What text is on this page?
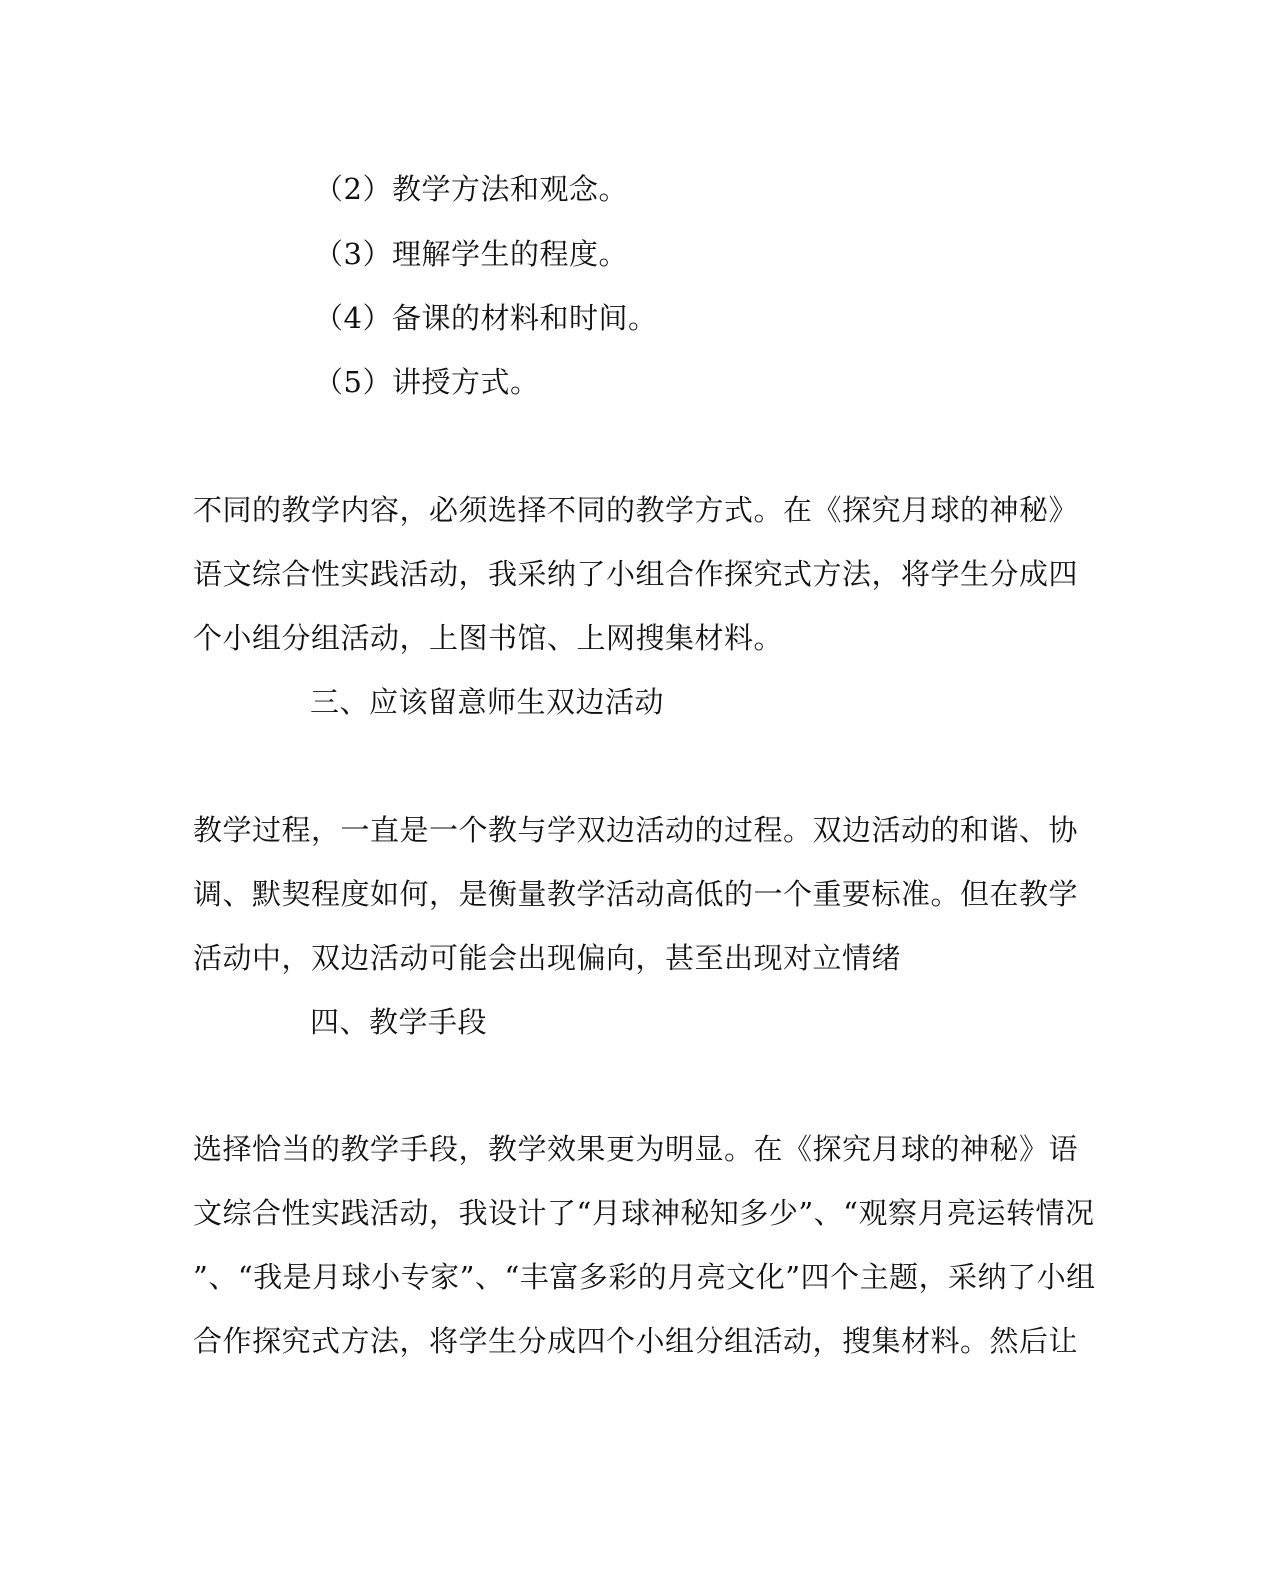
（2）教学方法和观念。
（3）理解学生的程度。
（4）备课的材料和时间。
（5）讲授方式。
不同的教学内容，必须选择不同的教学方式。在《探究月球的神秘》
语文综合性实践活动，我采纳了小组合作探究式方法，将学生分成四
个小组分组活动，上图书馆、上网搜集材料。
三、应该留意师生双边活动
教学过程，一直是一个教与学双边活动的过程。双边活动的和谐、协
调、默契程度如何，是衡量教学活动高低的一个重要标准。但在教学
活动中，双边活动可能会出现偏向，甚至出现对立情绪
四、教学手段
选择恰当的教学手段，教学效果更为明显。在《探究月球的神秘》语
文综合性实践活动，我设计了“月球神秘知多少”、“观察月亮运转情况
”、“我是月球小专家”、“丰富多彩的月亮文化”四个主题，采纳了小组
合作探究式方法，将学生分成四个小组分组活动，搜集材料。然后让
